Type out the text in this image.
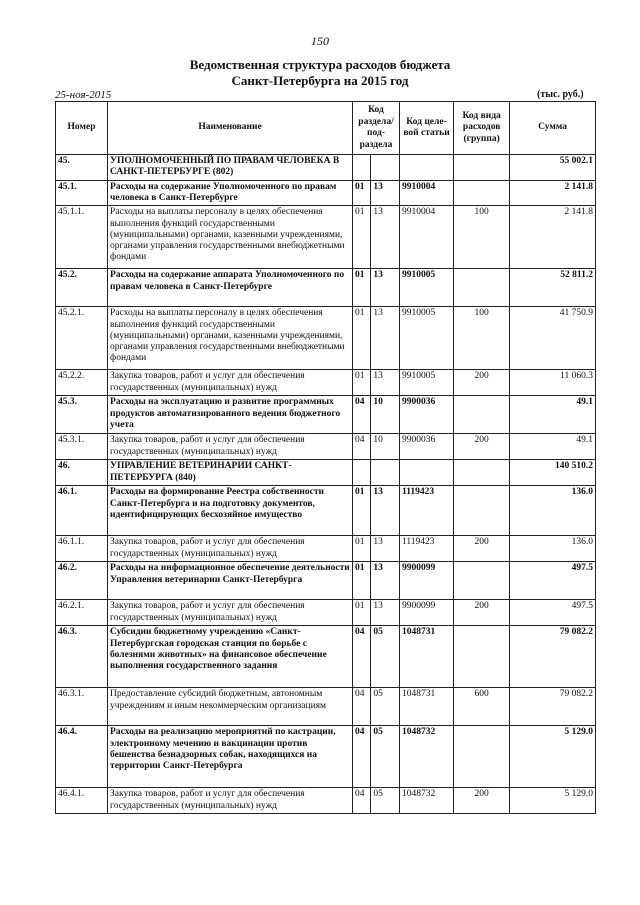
150
Ведомственная структура расходов бюджета
Санкт-Петербурга на 2015 год
25-ноя-2015	(тыс. руб.)
Номер	Наименование	Код раздела/ под- раздела		Код целе- вой статьи	Код вида расходов (группа)	Сумма
45.	УПОЛНОМОЧЕННЫЙ ПО ПРАВАМ ЧЕЛОВЕКА В САНКТ-ПЕТЕРБУРГЕ (802)					55 002.1
45.1.	Расходы на содержание Уполномоченного по правам человека в Санкт-Петербурге	01	13	9910004		2 141.8
45.1.1.	Расходы на выплаты персоналу в целях обеспечения выполнения функций государственными (муниципальными) органами, казенными учреждениями, органами управления государственными внебюджетными фондами	01	13	9910004	100	2 141.8
45.2.	Расходы на содержание аппарата Уполномоченного по правам человека в Санкт-Петербурге	01	13	9910005		52 811.2
45.2.1.	Расходы на выплаты персоналу в целях обеспечения выполнения функций государственными (муниципальными) органами, казенными учреждениями, органами управления государственными внебюджетными фондами	01	13	9910005	100	41 750.9
45.2.2.	Закупка товаров, работ и услуг для обеспечения государственных (муниципальных) нужд	01	13	9910005	200	11 060.3
45.3.	Расходы на эксплуатацию и развитие программных продуктов автоматизированного ведения бюджетного учета	04	10	9900036		49.1
45.3.1.	Закупка товаров, работ и услуг для обеспечения государственных (муниципальных) нужд	04	10	9900036	200	49.1
46.	УПРАВЛЕНИЕ ВЕТЕРИНАРИИ САНКТ-ПЕТЕРБУРГА (840)					140 510.2
46.1.	Расходы на формирование Реестра собственности Санкт-Петербурга и на подготовку документов, идентифицирующих бесхозяйное имущество	01	13	1119423		136.0
46.1.1.	Закупка товаров, работ и услуг для обеспечения государственных (муниципальных) нужд	01	13	1119423	200	136.0
46.2.	Расходы на информационное обеспечение деятельности Управления ветеринарии Санкт-Петербурга	01	13	9900099		497.5
46.2.1.	Закупка товаров, работ и услуг для обеспечения государственных (муниципальных) нужд	01	13	9900099	200	497.5
46.3.	Субсидии бюджетному учреждению «Санкт-Петербургская городская станция по борьбе с болезнями животных» на финансовое обеспечение выполнения государственного задания	04	05	1048731		79 082.2
46.3.1.	Предоставление субсидий бюджетным, автономным учреждениям и иным некоммерческим организациям	04	05	1048731	600	79 082.2
46.4.	Расходы на реализацию мероприятий по кастрации, электронному мечению и вакцинации против бешенства безнадзорных собак, находящихся на территории Санкт-Петербурга	04	05	1048732		5 129.0
46.4.1.	Закупка товаров, работ и услуг для обеспечения государственных (муниципальных) нужд	04	05	1048732	200	5 129.0
